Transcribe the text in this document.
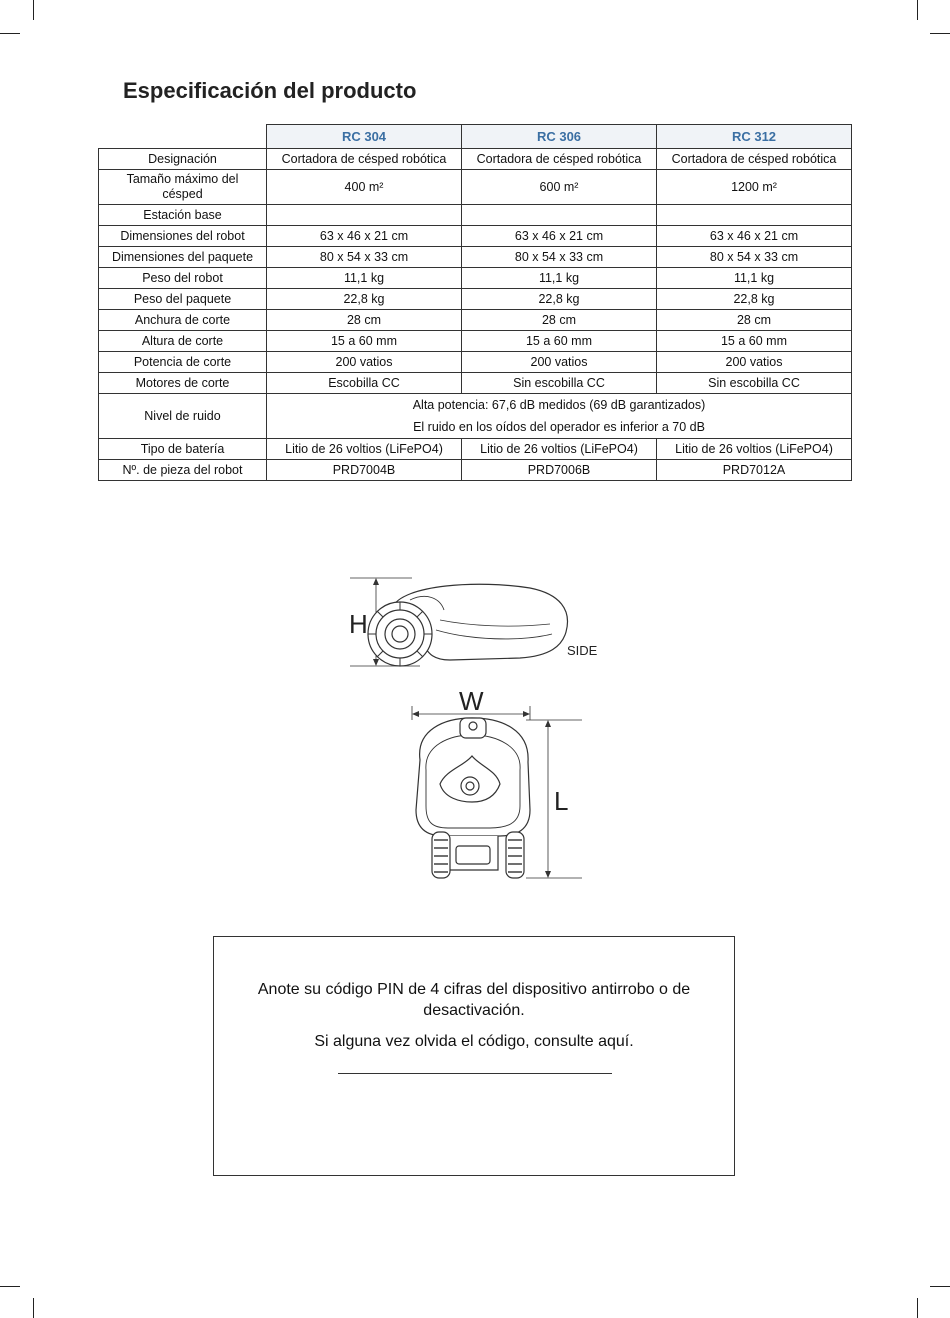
Especificación del producto
	RC 304	RC 306	RC 312
Designación	Cortadora de césped robótica	Cortadora de césped robótica	Cortadora de césped robótica
Tamaño máximo del césped	400 m²	600 m²	1200 m²
Estación base			
Dimensiones del robot	63 x 46 x 21 cm	63 x 46 x 21 cm	63 x 46 x 21 cm
Dimensiones del paquete	80 x 54 x 33 cm	80 x 54 x 33 cm	80 x 54 x 33 cm
Peso del robot	11,1 kg	11,1 kg	11,1 kg
Peso del paquete	22,8 kg	22,8 kg	22,8 kg
Anchura de corte	28 cm	28 cm	28 cm
Altura de corte	15 a 60 mm	15 a 60 mm	15 a 60 mm
Potencia de corte	200 vatios	200 vatios	200 vatios
Motores de corte	Escobilla CC	Sin escobilla CC	Sin escobilla CC
Nivel de ruido	Alta potencia: 67,6 dB medidos (69 dB garantizados)		
	El ruido en los oídos del operador es inferior a 70 dB		
Tipo de batería	Litio de 26 voltios (LiFePO4)	Litio de 26 voltios (LiFePO4)	Litio de 26 voltios (LiFePO4)
Nº. de pieza del robot	PRD7004B	PRD7006B	PRD7012A
H
SIDE
W
L
Anote su código PIN de 4 cifras del dispositivo antirrobo o de desactivación.
Si alguna vez olvida el código, consulte aquí.
